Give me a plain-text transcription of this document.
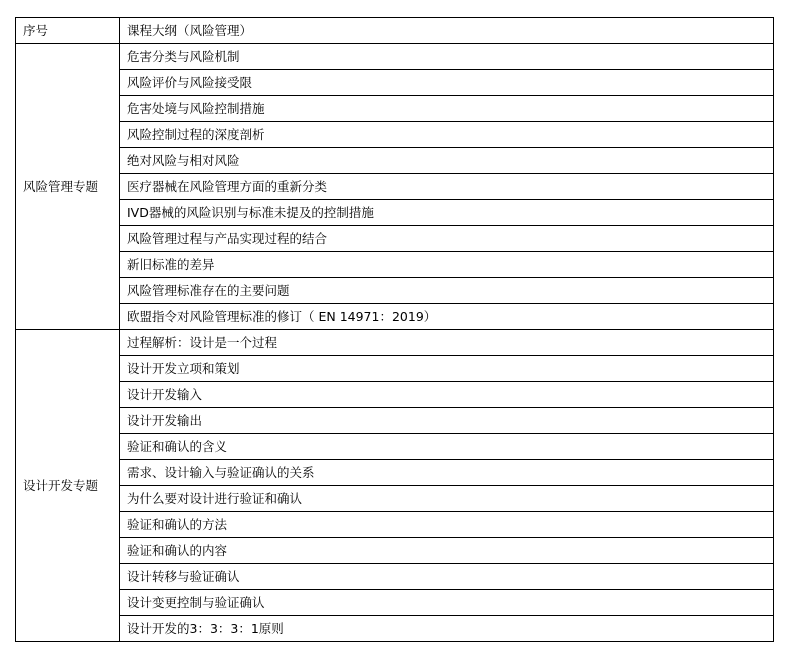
序号	课程大纲（风险管理）
风险管理专题	危害分类与风险机制
	风险评价与风险接受限
	危害处境与风险控制措施
	风险控制过程的深度剖析
	绝对风险与相对风险
	医疗器械在风险管理方面的重新分类
	IVD器械的风险识别与标准未提及的控制措施
	风险管理过程与产品实现过程的结合
	新旧标准的差异
	风险管理标准存在的主要问题
	欧盟指令对风险管理标准的修订（ EN 14971：2019）
设计开发专题	过程解析：设计是一个过程
	设计开发立项和策划
	设计开发输入
	设计开发输出
	验证和确认的含义
	需求、设计输入与验证确认的关系
	为什么要对设计进行验证和确认
	验证和确认的方法
	验证和确认的内容
	设计转移与验证确认
	设计变更控制与验证确认
	设计开发的3：3：3：1原则
